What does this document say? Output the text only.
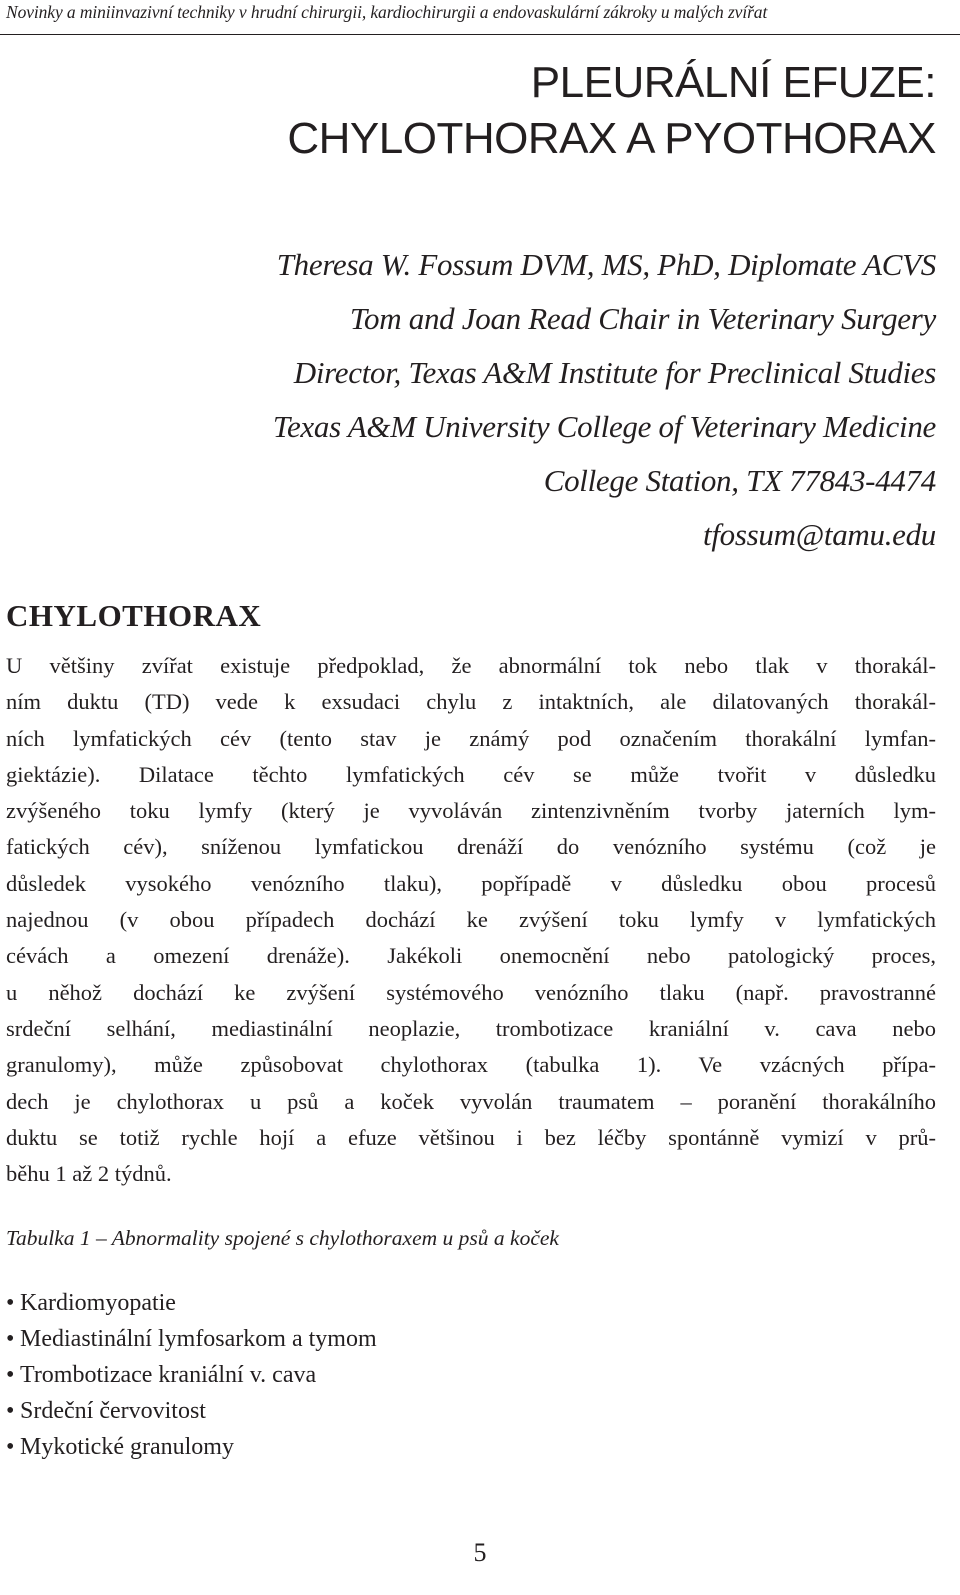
Novinky a miniinvazivní techniky v hrudní chirurgii, kardiochirurgii a endovaskulární zákroky u malých zvířat
PLEURÁLNÍ EFUZE:
CHYLOTHORAX A PYOTHORAX
Theresa W. Fossum DVM, MS, PhD, Diplomate ACVS
Tom and Joan Read Chair in Veterinary Surgery
Director, Texas A&M Institute for Preclinical Studies
Texas A&M University College of Veterinary Medicine
College Station, TX 77843-4474
tfossum@tamu.edu
CHYLOTHORAX
U většiny zvířat existuje předpoklad, že abnormální tok nebo tlak v thorakál-
ním duktu (TD) vede k exsudaci chylu z intaktních, ale dilatovaných thorakál-
ních lymfatických cév (tento stav je známý pod označením thorakální lymfan-
giektázie). Dilatace těchto lymfatických cév se může tvořit v důsledku
zvýšeného toku lymfy (který je vyvoláván zintenzivněním tvorby jaterních lym-
fatických cév), sníženou lymfatickou drenáží do venózního systému (což je
důsledek vysokého venózního tlaku), popřípadě v důsledku obou procesů
najednou (v obou případech dochází ke zvýšení toku lymfy v lymfatických
cévách a omezení drenáže). Jakékoli onemocnění nebo patologický proces,
u něhož dochází ke zvýšení systémového venózního tlaku (např. pravostranné
srdeční selhání, mediastinální neoplazie, trombotizace kraniální v. cava nebo
granulomy), může způsobovat chylothorax (tabulka 1). Ve vzácných přípa-
dech je chylothorax u psů a koček vyvolán traumatem – poranění thorakálního
duktu se totiž rychle hojí a efuze většinou i bez léčby spontánně vymizí v prů-
běhu 1 až 2 týdnů.
Tabulka 1 – Abnormality spojené s chylothoraxem u psů a koček
• Kardiomyopatie
• Mediastinální lymfosarkom a tymom
• Trombotizace kraniální v. cava
• Srdeční červovitost
• Mykotické granulomy
5
